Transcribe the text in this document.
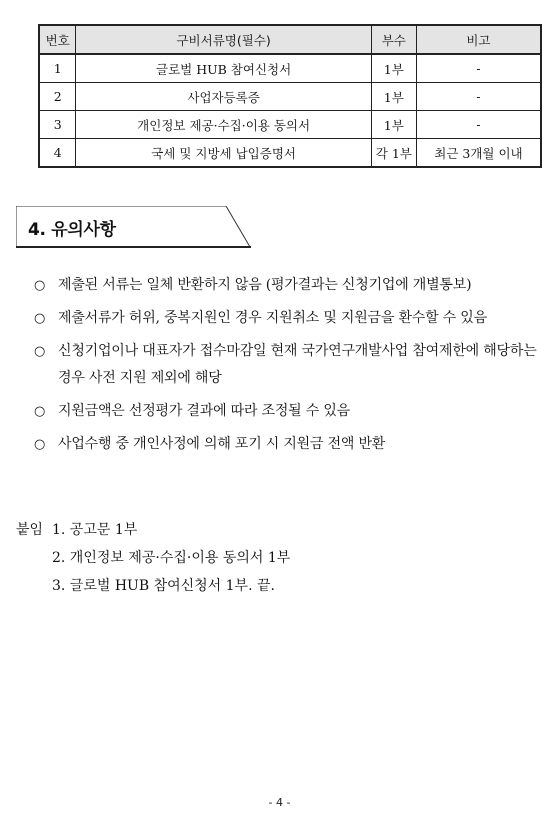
번호	구비서류명(필수)	부수	비고
1	글로벌 HUB 참여신청서	1부	-
2	사업자등록증	1부	-
3	개인정보 제공·수집·이용 동의서	1부	-
4	국세 및 지방세 납입증명서	각 1부	최근 3개월 이내
4. 유의사항
○ 제출된 서류는 일체 반환하지 않음 (평가결과는 신청기업에 개별통보)
○ 제출서류가 허위, 중복지원인 경우 지원취소 및 지원금을 환수할 수 있음
○ 신청기업이나 대표자가 접수마감일 현재 국가연구개발사업 참여제한에 해당하는 경우 사전 지원 제외에 해당
○ 지원금액은 선정평가 결과에 따라 조정될 수 있음
○ 사업수행 중 개인사정에 의해 포기 시 지원금 전액 반환
붙임 1. 공고문 1부
2. 개인정보 제공·수집·이용 동의서 1부
3. 글로벌 HUB 참여신청서 1부. 끝.
- 4 -
